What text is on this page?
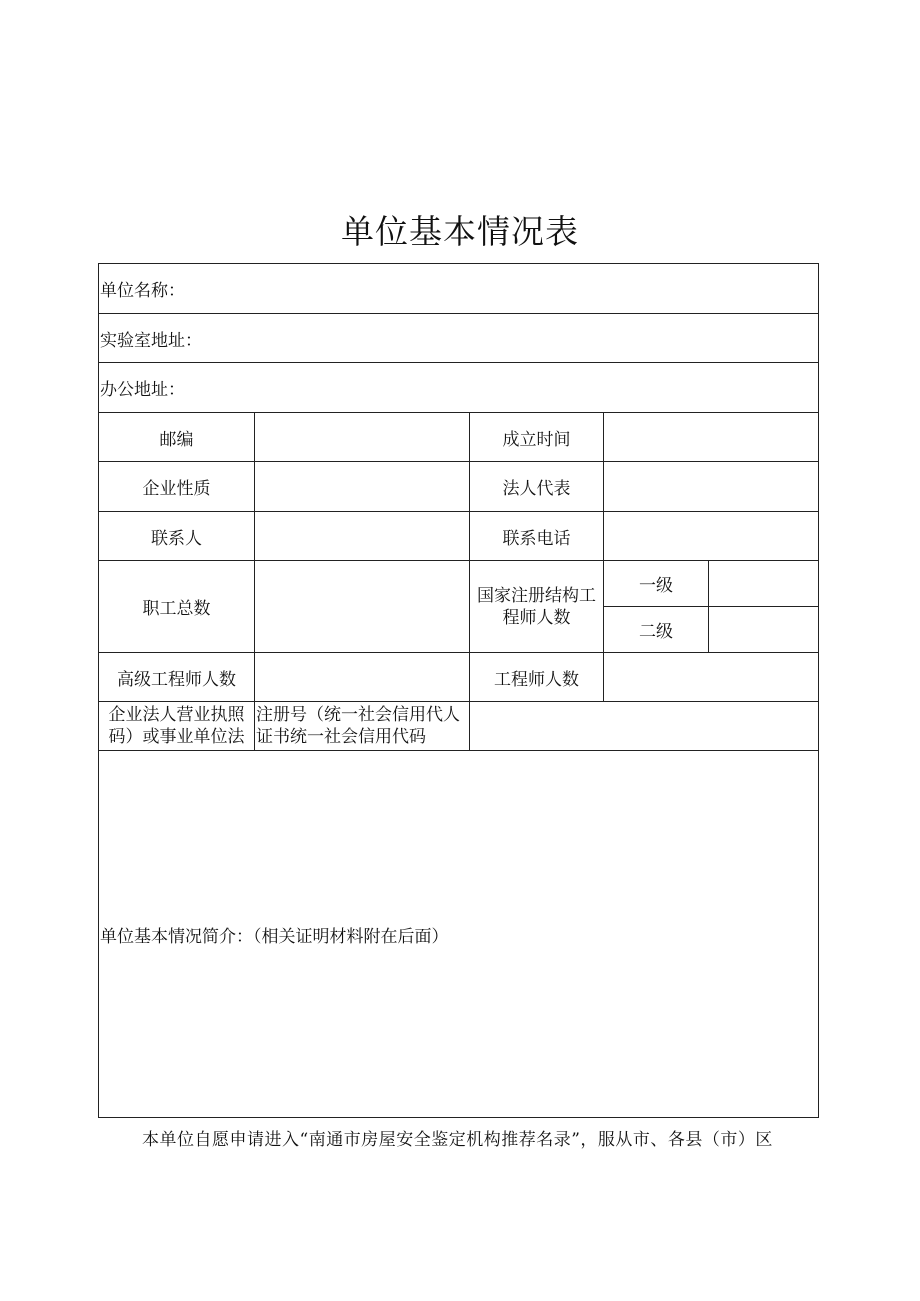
单位基本情况表
单位名称：				
实验室地址：				
办公地址：				
邮编		成立时间		
企业性质		法人代表		
联系人		联系电话		
职工总数		国家注册结构工程师人数	一级	
			二级	
高级工程师人数		工程师人数		

企业法人营业执照码）或事业单位法	注册号（统一社会信用代人证书统一社会信用代码			

单位基本情况简介：（相关证明材料附在后面）				
本单位自愿申请进入“南通市房屋安全鉴定机构推荐名录”，服从市、各县（市）区
